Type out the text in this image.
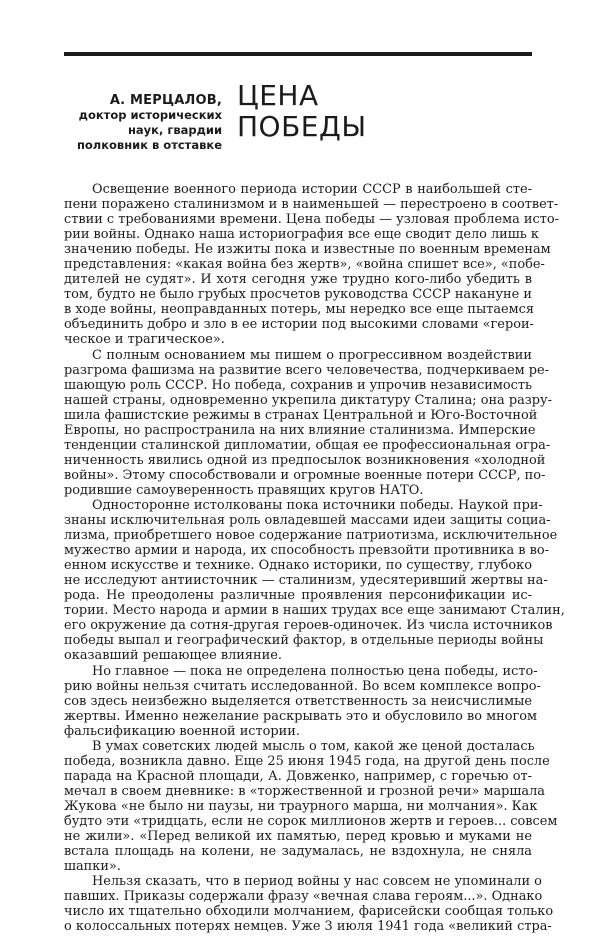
А. МЕРЦАЛОВ,
доктор исторических
наук, гвардии
полковник в отставке
ЦЕНА
ПОБЕДЫ
Освещение военного периода истории СССР в наибольшей сте-
пени поражено сталинизмом и в наименьшей — перестроено в соответ-
ствии с требованиями времени. Цена победы — узловая проблема исто-
рии войны. Однако наша историография все еще сводит дело лишь к
значению победы. Не изжиты пока и известные по военным временам
представления: «какая война без жертв», «война спишет все», «побе-
дителей не судят». И хотя сегодня уже трудно кого-либо убедить в
том, будто не было грубых просчетов руководства СССР накануне и
в ходе войны, неоправданных потерь, мы нередко все еще пытаемся
объединить добро и зло в ее истории под высокими словами «герои-
ческое и трагическое».
С полным основанием мы пишем о прогрессивном воздействии
разгрома фашизма на развитие всего человечества, подчеркиваем ре-
шающую роль СССР. Но победа, сохранив и упрочив независимость
нашей страны, одновременно укрепила диктатуру Сталина; она разру-
шила фашистские режимы в странах Центральной и Юго-Восточной
Европы, но распространила на них влияние сталинизма. Имперские
тенденции сталинской дипломатии, общая ее профессиональная огра-
ниченность явились одной из предпосылок возникновения «холодной
войны». Этому способствовали и огромные военные потери СССР, по-
родившие самоуверенность правящих кругов НАТО.
Односторонне истолкованы пока источники победы. Наукой при-
знаны исключительная роль овладевшей массами идеи защиты социа-
лизма, приобретшего новое содержание патриотизма, исключительное
мужество армии и народа, их способность превзойти противника в во-
енном искусстве и технике. Однако историки, по существу, глубоко
не исследуют антиисточник — сталинизм, удесятеривший жертвы на-
рода. Не преодолены различные проявления персонификации ис-
тории. Место народа и армии в наших трудах все еще занимают Сталин,
его окружение да сотня-другая героев-одиночек. Из числа источников
победы выпал и географический фактор, в отдельные периоды войны
оказавший решающее влияние.
Но главное — пока не определена полностью цена победы, исто-
рию войны нельзя считать исследованной. Во всем комплексе вопро-
сов здесь неизбежно выделяется ответственность за неисчислимые
жертвы. Именно нежелание раскрывать это и обусловило во многом
фальсификацию военной истории.
В умах советских людей мысль о том, какой же ценой досталась
победа, возникла давно. Еще 25 июня 1945 года, на другой день после
парада на Красной площади, А. Довженко, например, с горечью от-
мечал в своем дневнике: в «торжественной и грозной речи» маршала
Жукова «не было ни паузы, ни траурного марша, ни молчания». Как
будто эти «тридцать, если не сорок миллионов жертв и героев... совсем
не жили». «Перед великой их памятью, перед кровью и муками не
встала площадь на колени, не задумалась, не вздохнула, не сняла
шапки».
Нельзя сказать, что в период войны у нас совсем не упоминали о
павших. Приказы содержали фразу «вечная слава героям...». Однако
число их тщательно обходили молчанием, фарисейски сообщая только
о колоссальных потерях немцев. Уже 3 июля 1941 года «великий стра-
